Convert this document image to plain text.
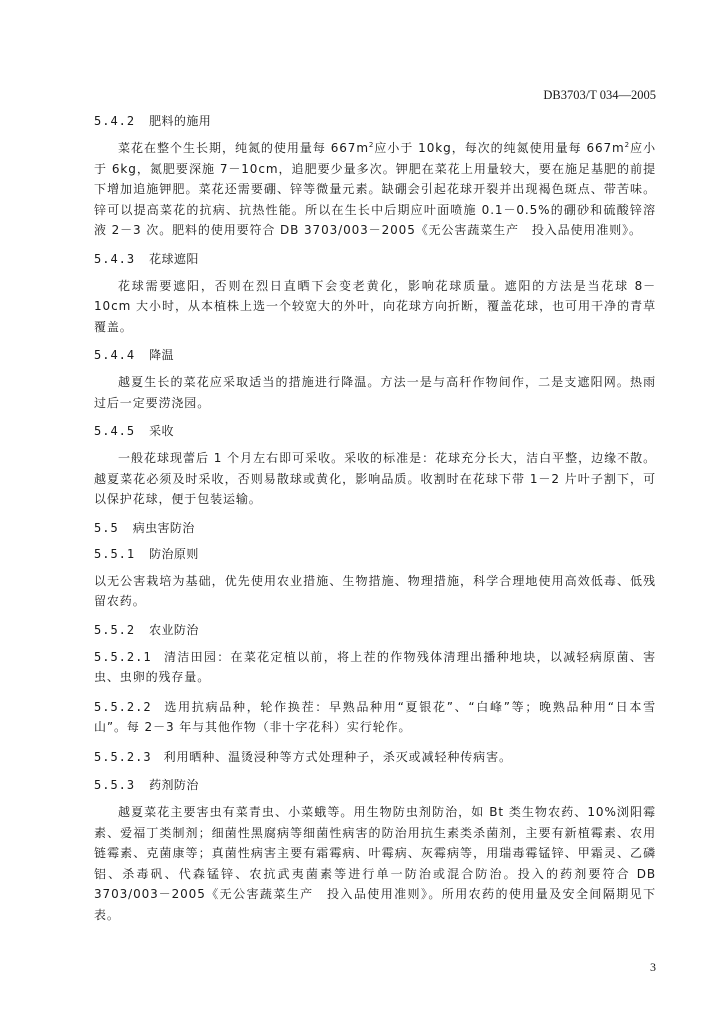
DB3703/T 034—2005
5.4.2 肥料的施用

菜花在整个生长期，纯氮的使用量每 $667m^2$应小于 10kg，每次的纯氮使用量每 $667m^2$应小于 6kg，氮肥要深施 7－10cm，追肥要少量多次。钾肥在菜花上用量较大，要在施足基肥的前提下增加追施钾肥。菜花还需要硼、锌等微量元素。缺硼会引起花球开裂并出现褐色斑点、带苦味。锌可以提高菜花的抗病、抗热性能。所以在生长中后期应叶面喷施 0.1－0.5%的硼砂和硫酸锌溶液 2－3 次。肥料的使用要符合 DB 3703/003－2005《无公害蔬菜生产　投入品使用准则》。

5.4.3 花球遮阳

花球需要遮阳，否则在烈日直晒下会变老黄化，影响花球质量。遮阳的方法是当花球 8－10cm 大小时，从本植株上选一个较宽大的外叶，向花球方向折断，覆盖花球，也可用干净的青草覆盖。

5.4.4 降温

越夏生长的菜花应采取适当的措施进行降温。方法一是与高秆作物间作，二是支遮阳网。热雨过后一定要涝浇园。

5.4.5 采收

一般花球现蕾后 1 个月左右即可采收。采收的标准是：花球充分长大，洁白平整，边缘不散。越夏菜花必须及时采收，否则易散球或黄化，影响品质。收割时在花球下带 1－2 片叶子割下，可以保护花球，便于包装运输。

5.5 病虫害防治
5.5.1 防治原则

以无公害栽培为基础，优先使用农业措施、生物措施、物理措施，科学合理地使用高效低毒、低残留农药。

5.5.2 农业防治

5.5.2.1 清洁田园：在菜花定植以前，将上茬的作物残体清理出播种地块，以减轻病原菌、害虫、虫卵的残存量。

5.5.2.2 选用抗病品种，轮作换茬：早熟品种用“夏银花”、“白峰”等；晚熟品种用“日本雪山”。每 2－3 年与其他作物（非十字花科）实行轮作。

5.5.2.3 利用晒种、温烫浸种等方式处理种子，杀灭或减轻种传病害。

5.5.3 药剂防治

越夏菜花主要害虫有菜青虫、小菜蛾等。用生物防虫剂防治，如 Bt 类生物农药、10%浏阳霉素、爱福丁类制剂；细菌性黑腐病等细菌性病害的防治用抗生素类杀菌剂，主要有新植霉素、农用链霉素、克菌康等；真菌性病害主要有霜霉病、叶霉病、灰霉病等，用瑞毒霉锰锌、甲霜灵、乙磷铝、杀毒矾、代森锰锌、农抗武夷菌素等进行单一防治或混合防治。投入的药剂要符合 DB 3703/003－2005《无公害蔬菜生产　投入品使用准则》。所用农药的使用量及安全间隔期见下表。

3
